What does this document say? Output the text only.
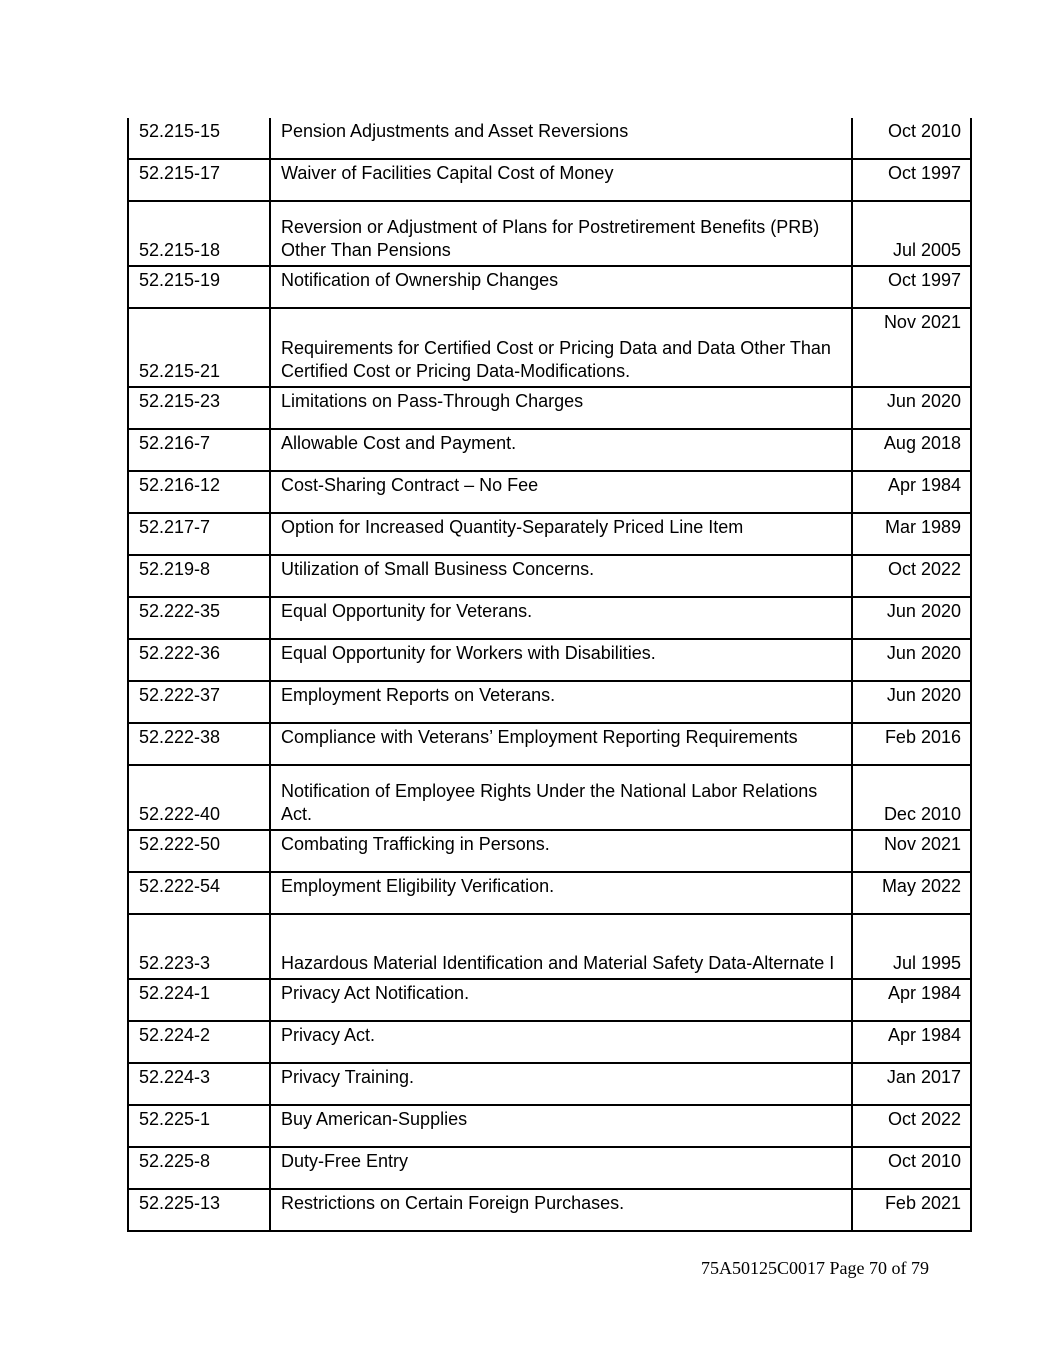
52.215-15	Pension Adjustments and Asset Reversions	Oct 2010
52.215-17	Waiver of Facilities Capital Cost of Money	Oct 1997
52.215-18	Reversion or Adjustment of Plans for Postretirement Benefits (PRB) Other Than Pensions	Jul 2005
52.215-19	Notification of Ownership Changes	Oct 1997
52.215-21	Requirements for Certified Cost or Pricing Data and Data Other Than Certified Cost or Pricing Data-Modifications.	Nov 2021
52.215-23	Limitations on Pass-Through Charges	Jun 2020
52.216-7	Allowable Cost and Payment.	Aug 2018
52.216-12	Cost-Sharing Contract – No Fee	Apr 1984
52.217-7	Option for Increased Quantity-Separately Priced Line Item	Mar 1989
52.219-8	Utilization of Small Business Concerns.	Oct 2022
52.222-35	Equal Opportunity for Veterans.	Jun 2020
52.222-36	Equal Opportunity for Workers with Disabilities.	Jun 2020
52.222-37	Employment Reports on Veterans.	Jun 2020
52.222-38	Compliance with Veterans’ Employment Reporting Requirements	Feb 2016
52.222-40	Notification of Employee Rights Under the National Labor Relations Act.	Dec 2010
52.222-50	Combating Trafficking in Persons.	Nov 2021
52.222-54	Employment Eligibility Verification.	May 2022
52.223-3	Hazardous Material Identification and Material Safety Data-Alternate I	Jul 1995
52.224-1	Privacy Act Notification.	Apr 1984
52.224-2	Privacy Act.	Apr 1984
52.224-3	Privacy Training.	Jan 2017
52.225-1	Buy American-Supplies	Oct 2022
52.225-8	Duty-Free Entry	Oct 2010
52.225-13	Restrictions on Certain Foreign Purchases.	Feb 2021
75A50125C0017 Page 70 of 79
